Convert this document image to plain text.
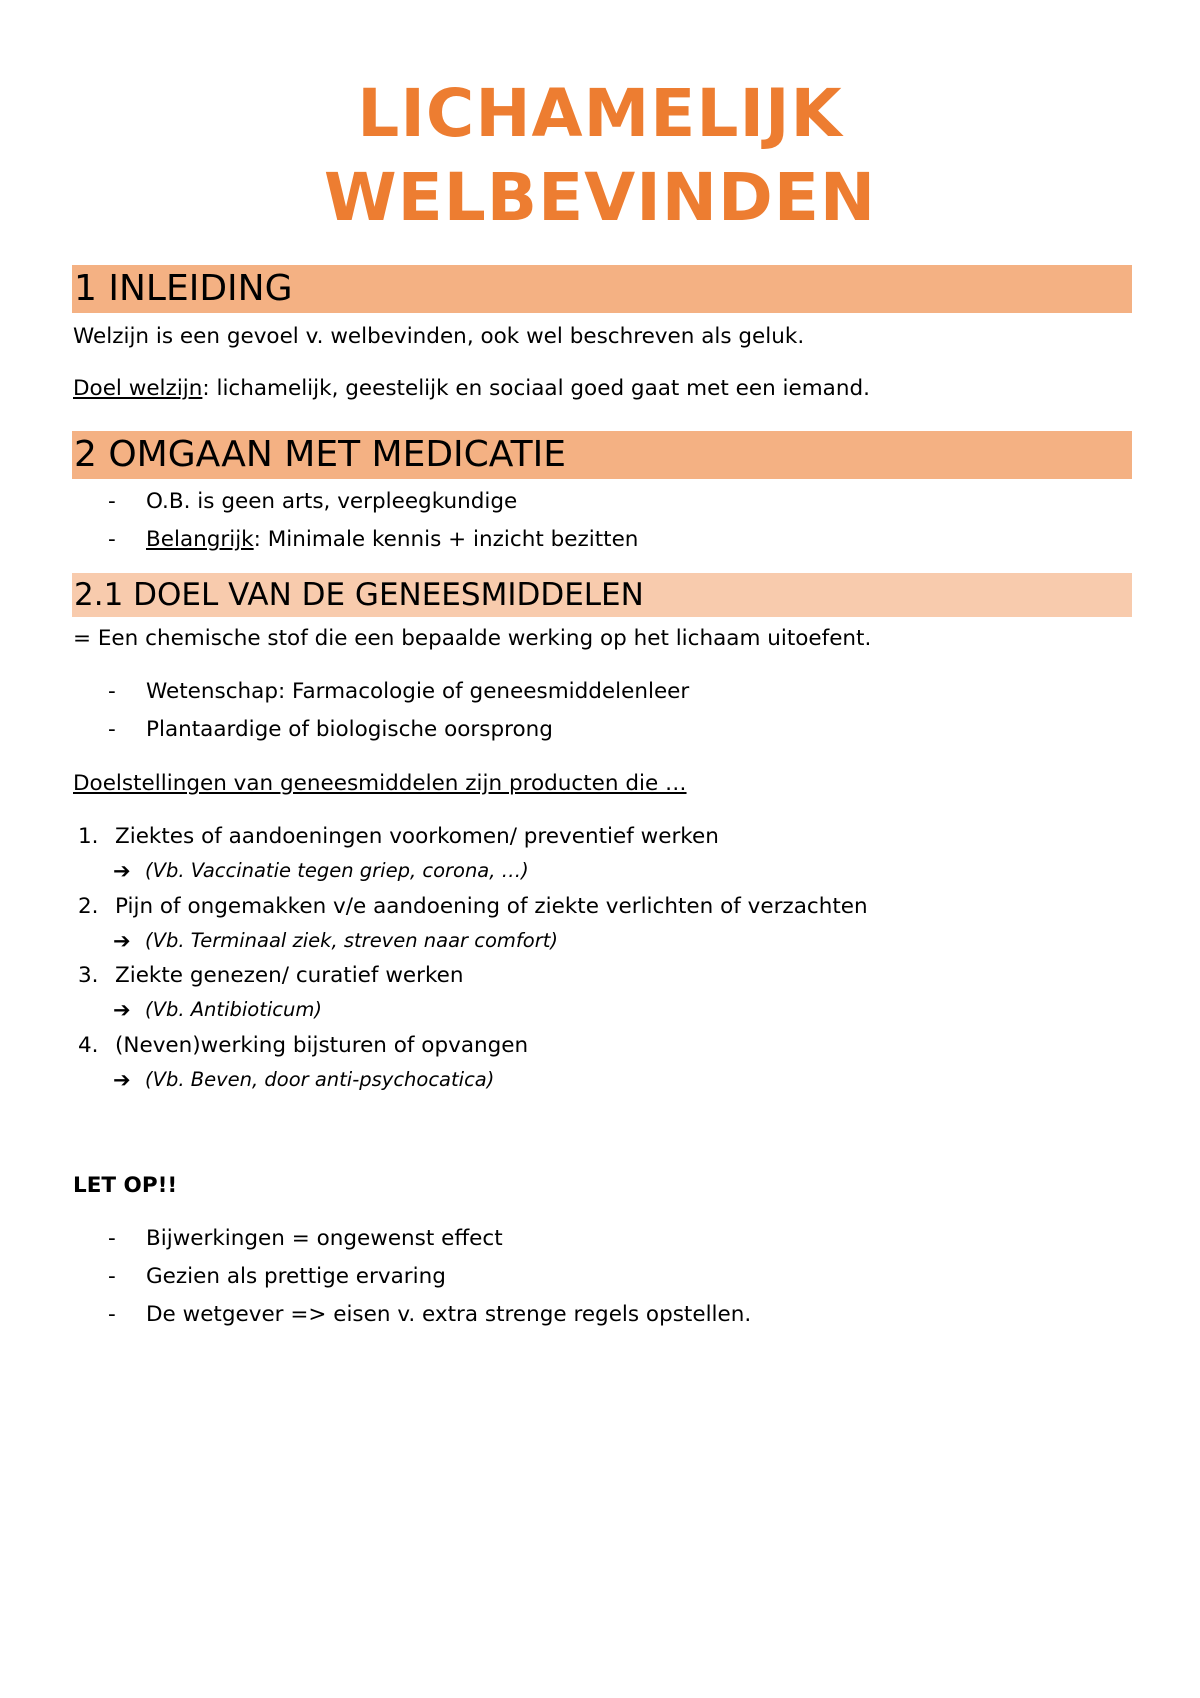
LICHAMELIJK
WELBEVINDEN
1 INLEIDING
Welzijn is een gevoel v. welbevinden, ook wel beschreven als geluk.
Doel welzijn: lichamelijk, geestelijk en sociaal goed gaat met een iemand.
2 OMGAAN MET MEDICATIE
- O.B. is geen arts, verpleegkundige
- Belangrijk: Minimale kennis + inzicht bezitten
2.1 DOEL VAN DE GENEESMIDDELEN
= Een chemische stof die een bepaalde werking op het lichaam uitoefent.
- Wetenschap: Farmacologie of geneesmiddelenleer
- Plantaardige of biologische oorsprong
Doelstellingen van geneesmiddelen zijn producten die …
1. Ziektes of aandoeningen voorkomen/ preventief werken
➔ (Vb. Vaccinatie tegen griep, corona, …)
2. Pijn of ongemakken v/e aandoening of ziekte verlichten of verzachten
➔ (Vb. Terminaal ziek, streven naar comfort)
3. Ziekte genezen/ curatief werken
➔ (Vb. Antibioticum)
4. (Neven)werking bijsturen of opvangen
➔ (Vb. Beven, door anti-psychocatica)
LET OP!!
- Bijwerkingen = ongewenst effect
- Gezien als prettige ervaring
- De wetgever => eisen v. extra strenge regels opstellen.
